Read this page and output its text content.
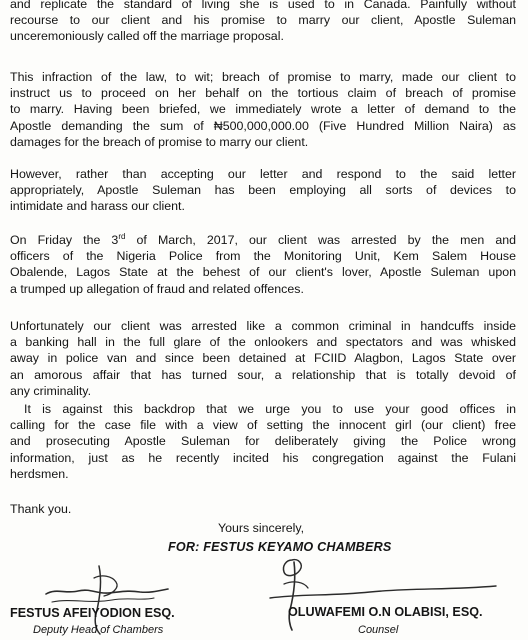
and replicate the standard of living she is used to in Canada. Painfully without
recourse to our client and his promise to marry our client, Apostle Suleman
unceremoniously called off the marriage proposal.
This infraction of the law, to wit; breach of promise to marry, made our client to
instruct us to proceed on her behalf on the tortious claim of breach of promise
to marry. Having been briefed, we immediately wrote a letter of demand to the
Apostle demanding the sum of ₦500,000,000.00 (Five Hundred Million Naira) as
damages for the breach of promise to marry our client.
However, rather than accepting our letter and respond to the said letter
appropriately, Apostle Suleman has been employing all sorts of devices to
intimidate and harass our client.
On Friday the 3rd of March, 2017, our client was arrested by the men and
officers of the Nigeria Police from the Monitoring Unit, Kem Salem House
Obalende, Lagos State at the behest of our client's lover, Apostle Suleman upon
a trumped up allegation of fraud and related offences.
Unfortunately our client was arrested like a common criminal in handcuffs inside
a banking hall in the full glare of the onlookers and spectators and was whisked
away in police van and since been detained at FCIID Alagbon, Lagos State over
an amorous affair that has turned sour, a relationship that is totally devoid of
any criminality.
It is against this backdrop that we urge you to use your good offices in
calling for the case file with a view of setting the innocent girl (our client) free
and prosecuting Apostle Suleman for deliberately giving the Police wrong
information, just as he recently incited his congregation against the Fulani
herdsmen.
Thank you.
Yours sincerely,
FOR: FESTUS KEYAMO CHAMBERS
FESTUS AFEIYODION ESQ.
Deputy Head of Chambers
OLUWAFEMI O.N OLABISI, ESQ.
Counsel
